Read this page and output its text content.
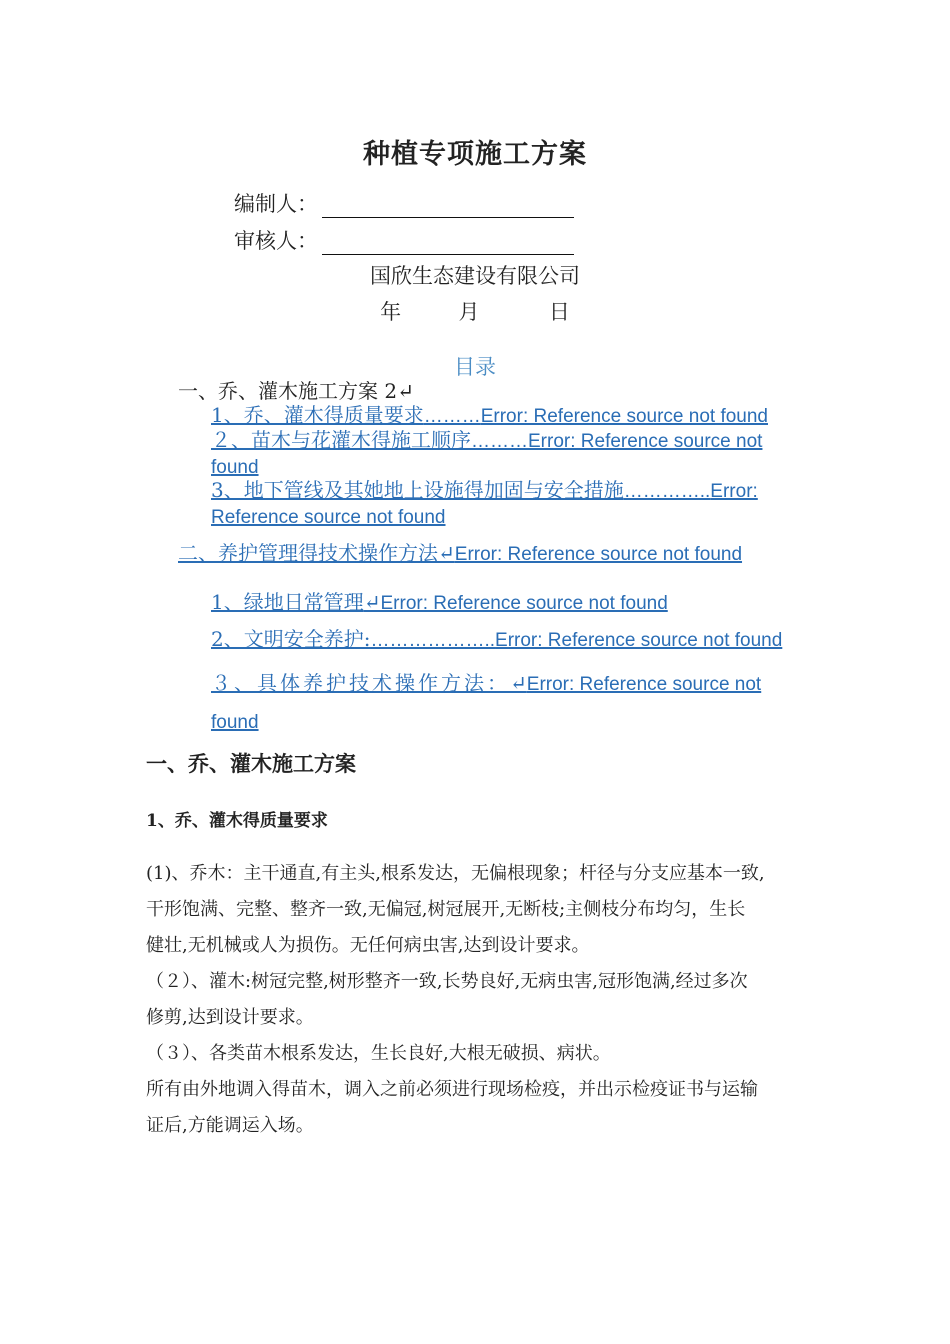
种植专项施工方案
编制人：
审核人：
国欣生态建设有限公司
年	月	日
目录
一、乔、灌木施工方案 2↵
1、乔、灌木得质量要求………Error: Reference source not found
２、苗木与花灌木得施工顺序………Error: Reference source not
found
3、地下管线及其她地上设施得加固与安全措施…………..Error:
Reference source not found
二、养护管理得技术操作方法↵Error: Reference source not found
1、绿地日常管理↵Error: Reference source not found
2、文明安全养护:………………..Error: Reference source not found
３、具体养护技术操作方法：↵Error: Reference source not
found
一、乔、灌木施工方案
1、乔、灌木得质量要求

(1)、乔木：主干通直,有主头,根系发达，无偏根现象；杆径与分支应基本一致,

干形饱满、完整、整齐一致,无偏冠,树冠展开,无断枝;主侧枝分布均匀，生长

健壮,无机械或人为损伤。无任何病虫害,达到设计要求。

（２）、灌木:树冠完整,树形整齐一致,长势良好,无病虫害,冠形饱满,经过多次

修剪,达到设计要求。

（３）、各类苗木根系发达，生长良好,大根无破损、病状。

所有由外地调入得苗木，调入之前必须进行现场检疫，并出示检疫证书与运输

证后,方能调运入场。
